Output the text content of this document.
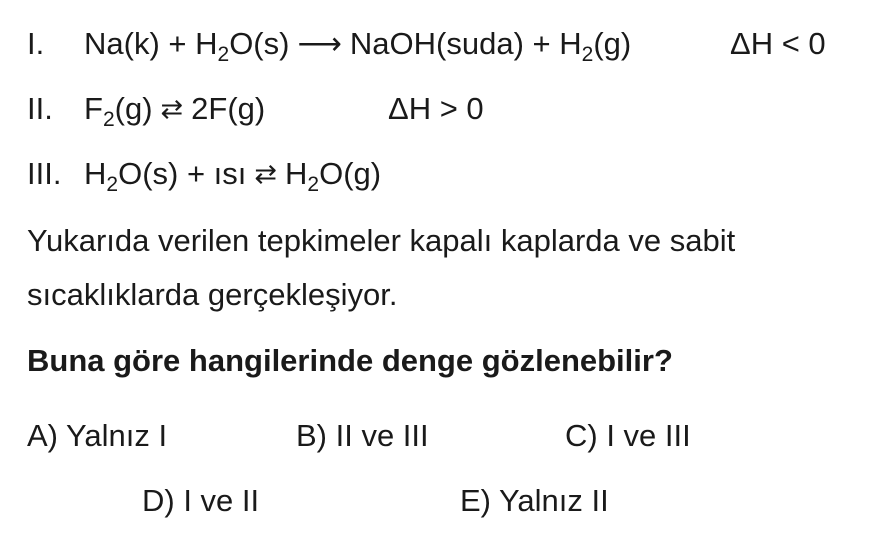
I. $Na(k) + H_2O(s)$ ⟶ NaOH(suda) + $H_2(g)$	ΔH < 0
II. $F_2(g)$ ⇄ 2F(g)	ΔH > 0
III. $H_2O(s)$ + ısı ⇄ $H_2O(g)$
Yukarıda verilen tepkimeler kapalı kaplarda ve sabit
sıcaklıklarda gerçekleşiyor.
Buna göre hangilerinde denge gözlenebilir?
A) Yalnız I	B) II ve III	C) I ve III
D) I ve II	E) Yalnız II
